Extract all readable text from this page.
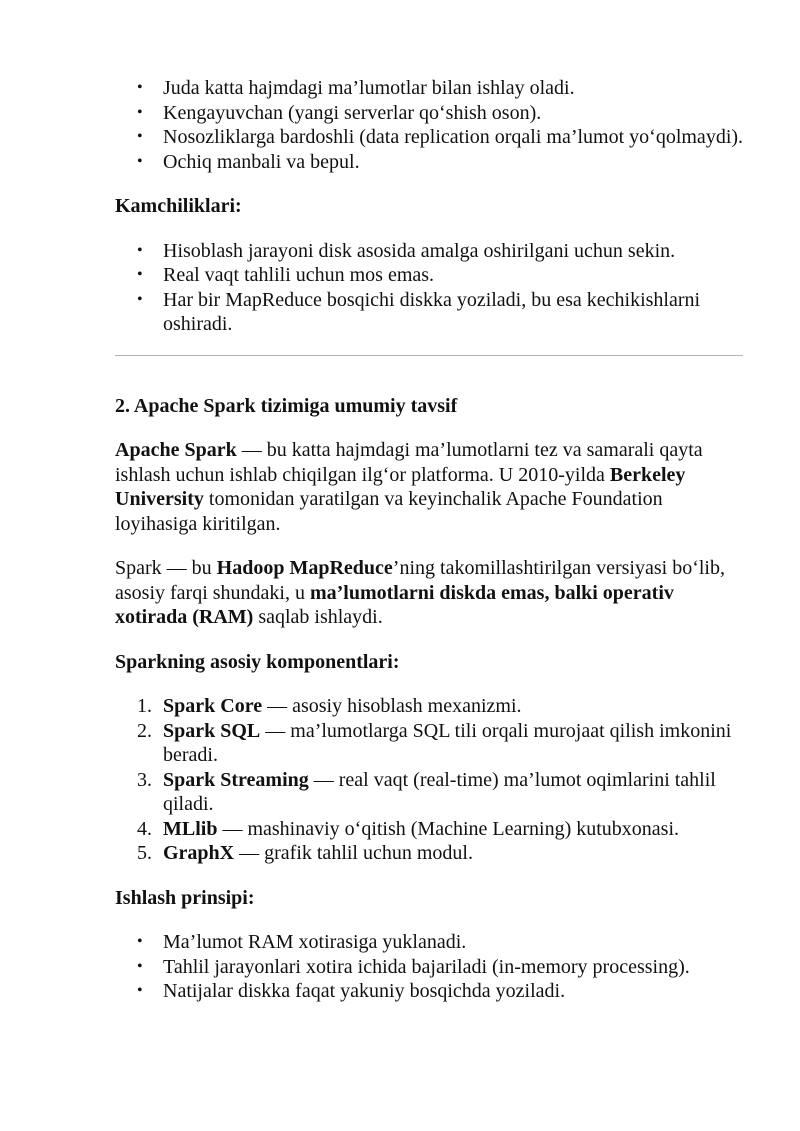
• Juda katta hajmdagi ma’lumotlar bilan ishlay oladi.
• Kengayuvchan (yangi serverlar qo‘shish oson).
• Nosozliklarga bardoshli (data replication orqali ma’lumot yo‘qolmaydi).
• Ochiq manbali va bepul.

Kamchiliklari:

• Hisoblash jarayoni disk asosida amalga oshirilgani uchun sekin.
• Real vaqt tahlili uchun mos emas.
• Har bir MapReduce bosqichi diskka yoziladi, bu esa kechikishlarni oshiradi.

2. Apache Spark tizimiga umumiy tavsif

Apache Spark — bu katta hajmdagi ma’lumotlarni tez va samarali qayta ishlash uchun ishlab chiqilgan ilg‘or platforma. U 2010-yilda Berkeley University tomonidan yaratilgan va keyinchalik Apache Foundation loyihasiga kiritilgan.

Spark — bu Hadoop MapReduce’ning takomillashtirilgan versiyasi bo‘lib, asosiy farqi shundaki, u ma’lumotlarni diskda emas, balki operativ xotirada (RAM) saqlab ishlaydi.

Sparkning asosiy komponentlari:

1. Spark Core — asosiy hisoblash mexanizmi.
2. Spark SQL — ma’lumotlarga SQL tili orqali murojaat qilish imkonini beradi.
3. Spark Streaming — real vaqt (real-time) ma’lumot oqimlarini tahlil qiladi.
4. MLlib — mashinaviy o‘qitish (Machine Learning) kutubxonasi.
5. GraphX — grafik tahlil uchun modul.

Ishlash prinsipi:

• Ma’lumot RAM xotirasiga yuklanadi.
• Tahlil jarayonlari xotira ichida bajariladi (in-memory processing).
• Natijalar diskka faqat yakuniy bosqichda yoziladi.
